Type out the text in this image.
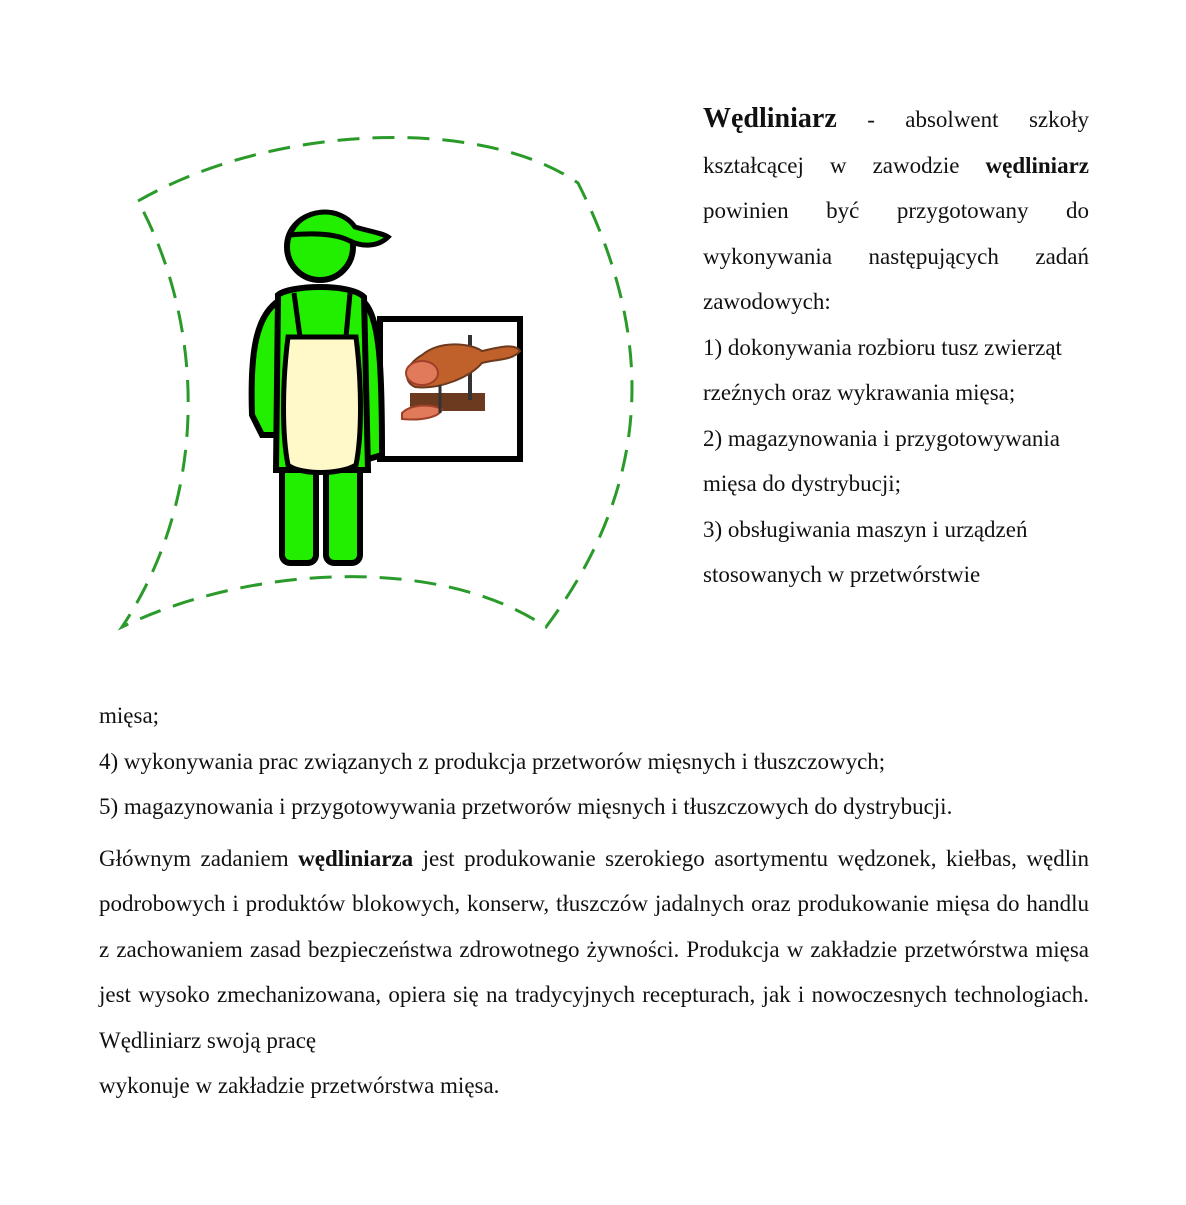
Wędliniarz - absolwent szkoły kształcącej w zawodzie wędliniarz powinien być przygotowany do wykonywania następujących zadań zawodowych:

1) dokonywania rozbioru tusz zwierząt rzeźnych oraz wykrawania mięsa;

2) magazynowania i przygotowywania mięsa do dystrybucji;

3) obsługiwania maszyn i urządzeń stosowanych w przetwórstwie

mięsa;

4) wykonywania prac związanych z produkcja przetworów mięsnych i tłuszczowych;

5) magazynowania i przygotowywania przetworów mięsnych i tłuszczowych do dystrybucji.

Głównym zadaniem wędliniarza jest produkowanie szerokiego asortymentu wędzonek, kiełbas, wędlin podrobowych i produktów blokowych, konserw, tłuszczów jadalnych oraz produkowanie mięsa do handlu z zachowaniem zasad bezpieczeństwa zdrowotnego żywności. Produkcja w zakładzie przetwórstwa mięsa jest wysoko zmechanizowana, opiera się na tradycyjnych recepturach, jak i nowoczesnych technologiach. Wędliniarz swoją pracę

wykonuje w zakładzie przetwórstwa mięsa.
